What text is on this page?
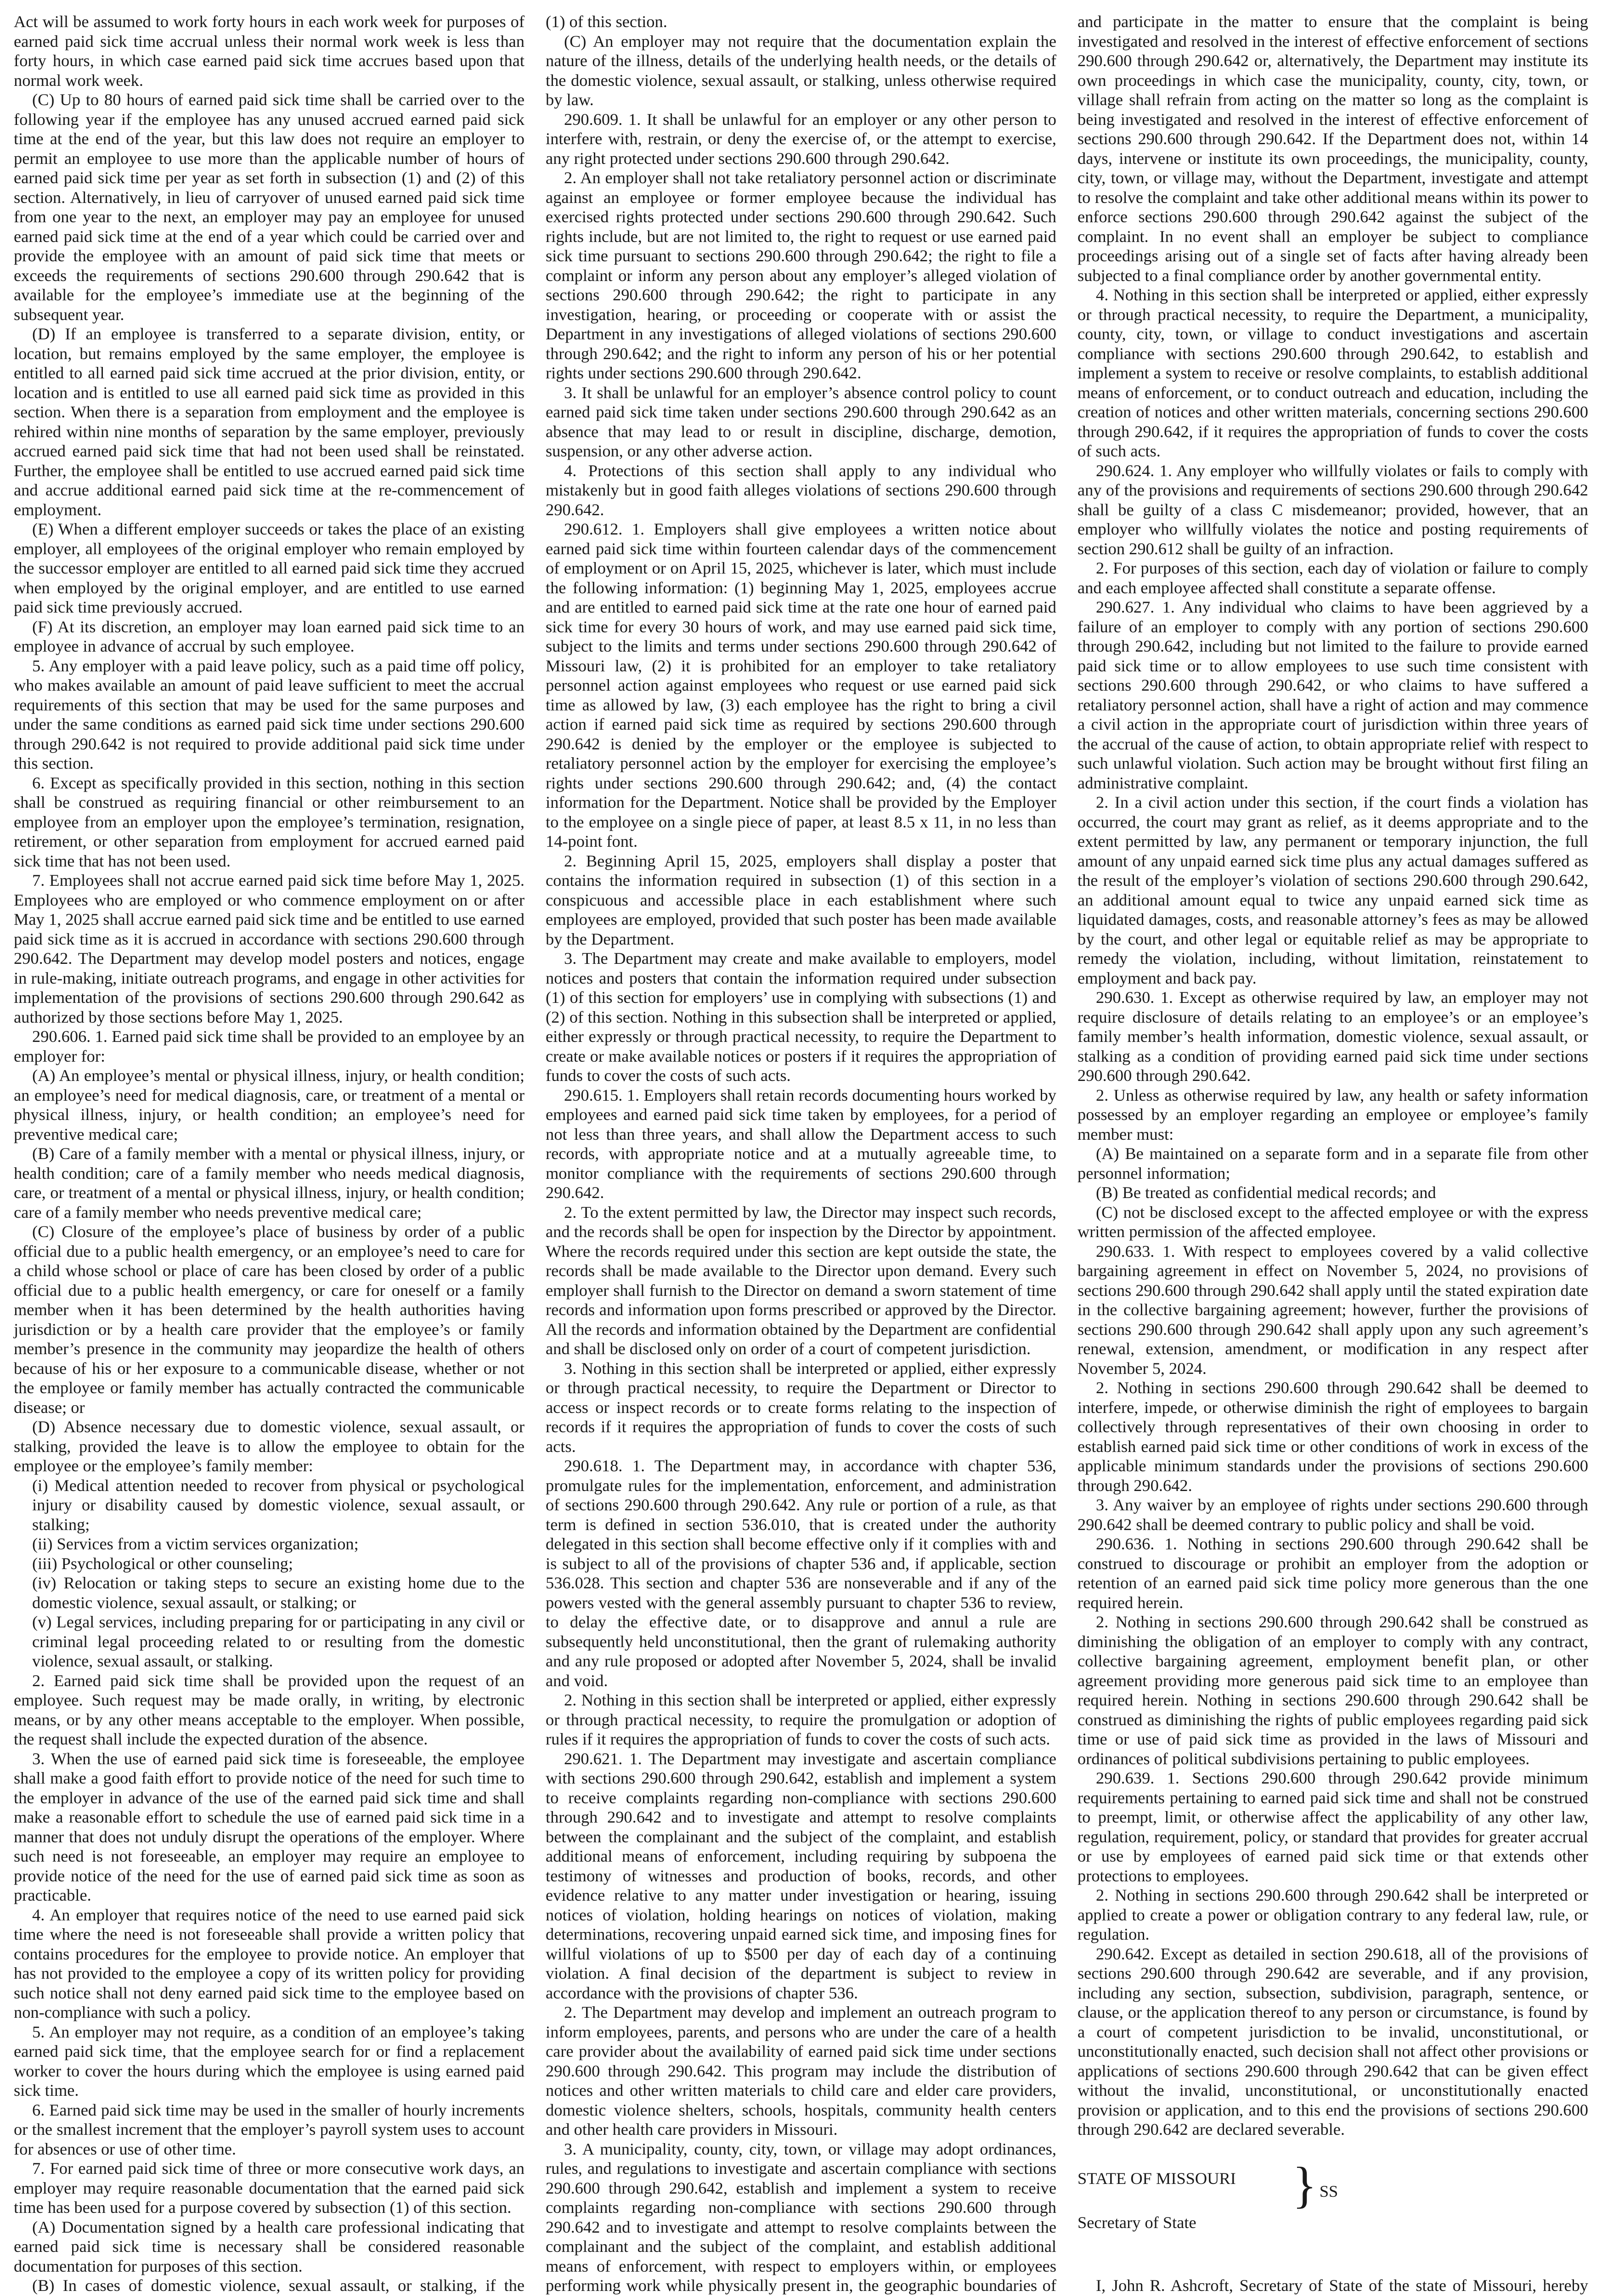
Act will be assumed to work forty hours in each work week for purposes of earned paid sick time accrual unless their normal work week is less than forty hours, in which case earned paid sick time accrues based upon that normal work week.

(C) Up to 80 hours of earned paid sick time shall be carried over to the following year if the employee has any unused accrued earned paid sick time at the end of the year, but this law does not require an employer to permit an employee to use more than the applicable number of hours of earned paid sick time per year as set forth in subsection (1) and (2) of this section. Alternatively, in lieu of carryover of unused earned paid sick time from one year to the next, an employer may pay an employee for unused earned paid sick time at the end of a year which could be carried over and provide the employee with an amount of paid sick time that meets or exceeds the requirements of sections 290.600 through 290.642 that is available for the employee’s immediate use at the beginning of the subsequent year.

(D) If an employee is transferred to a separate division, entity, or location, but remains employed by the same employer, the employee is entitled to all earned paid sick time accrued at the prior division, entity, or location and is entitled to use all earned paid sick time as provided in this section. When there is a separation from employment and the employee is rehired within nine months of separation by the same employer, previously accrued earned paid sick time that had not been used shall be reinstated. Further, the employee shall be entitled to use accrued earned paid sick time and accrue additional earned paid sick time at the re-commencement of employment.

(E) When a different employer succeeds or takes the place of an existing employer, all employees of the original employer who remain employed by the successor employer are entitled to all earned paid sick time they accrued when employed by the original employer, and are entitled to use earned paid sick time previously accrued.

(F) At its discretion, an employer may loan earned paid sick time to an employee in advance of accrual by such employee.

5. Any employer with a paid leave policy, such as a paid time off policy, who makes available an amount of paid leave sufficient to meet the accrual requirements of this section that may be used for the same purposes and under the same conditions as earned paid sick time under sections 290.600 through 290.642 is not required to provide additional paid sick time under this section.

6. Except as specifically provided in this section, nothing in this section shall be construed as requiring financial or other reimbursement to an employee from an employer upon the employee’s termination, resignation, retirement, or other separation from employment for accrued earned paid sick time that has not been used.

7. Employees shall not accrue earned paid sick time before May 1, 2025. Employees who are employed or who commence employment on or after May 1, 2025 shall accrue earned paid sick time and be entitled to use earned paid sick time as it is accrued in accordance with sections 290.600 through 290.642. The Department may develop model posters and notices, engage in rule-making, initiate outreach programs, and engage in other activities for implementation of the provisions of sections 290.600 through 290.642 as authorized by those sections before May 1, 2025.

290.606. 1. Earned paid sick time shall be provided to an employee by an employer for:

(A) An employee’s mental or physical illness, injury, or health condition; an employee’s need for medical diagnosis, care, or treatment of a mental or physical illness, injury, or health condition; an employee’s need for preventive medical care;

(B) Care of a family member with a mental or physical illness, injury, or health condition; care of a family member who needs medical diagnosis, care, or treatment of a mental or physical illness, injury, or health condition; care of a family member who needs preventive medical care;

(C) Closure of the employee’s place of business by order of a public official due to a public health emergency, or an employee’s need to care for a child whose school or place of care has been closed by order of a public official due to a public health emergency, or care for oneself or a family member when it has been determined by the health authorities having jurisdiction or by a health care provider that the employee’s or family member’s presence in the community may jeopardize the health of others because of his or her exposure to a communicable disease, whether or not the employee or family member has actually contracted the communicable disease; or

(D) Absence necessary due to domestic violence, sexual assault, or stalking, provided the leave is to allow the employee to obtain for the employee or the employee’s family member:

(i) Medical attention needed to recover from physical or psychological injury or disability caused by domestic violence, sexual assault, or stalking;

(ii) Services from a victim services organization;

(iii) Psychological or other counseling;

(iv) Relocation or taking steps to secure an existing home due to the domestic violence, sexual assault, or stalking; or

(v) Legal services, including preparing for or participating in any civil or criminal legal proceeding related to or resulting from the domestic violence, sexual assault, or stalking.

2. Earned paid sick time shall be provided upon the request of an employee. Such request may be made orally, in writing, by electronic means, or by any other means acceptable to the employer. When possible, the request shall include the expected duration of the absence.

3. When the use of earned paid sick time is foreseeable, the employee shall make a good faith effort to provide notice of the need for such time to the employer in advance of the use of the earned paid sick time and shall make a reasonable effort to schedule the use of earned paid sick time in a manner that does not unduly disrupt the operations of the employer. Where such need is not foreseeable, an employer may require an employee to provide notice of the need for the use of earned paid sick time as soon as practicable.

4. An employer that requires notice of the need to use earned paid sick time where the need is not foreseeable shall provide a written policy that contains procedures for the employee to provide notice. An employer that has not provided to the employee a copy of its written policy for providing such notice shall not deny earned paid sick time to the employee based on non-compliance with such a policy.

5. An employer may not require, as a condition of an employee’s taking earned paid sick time, that the employee search for or find a replacement worker to cover the hours during which the employee is using earned paid sick time.

6. Earned paid sick time may be used in the smaller of hourly increments or the smallest increment that the employer’s payroll system uses to account for absences or use of other time.

7. For earned paid sick time of three or more consecutive work days, an employer may require reasonable documentation that the earned paid sick time has been used for a purpose covered by subsection (1) of this section.

(A) Documentation signed by a health care professional indicating that earned paid sick time is necessary shall be considered reasonable documentation for purposes of this section.

(B) In cases of domestic violence, sexual assault, or stalking, if the

(1) of this section.

(C) An employer may not require that the documentation explain the nature of the illness, details of the underlying health needs, or the details of the domestic violence, sexual assault, or stalking, unless otherwise required by law.

290.609. 1. It shall be unlawful for an employer or any other person to interfere with, restrain, or deny the exercise of, or the attempt to exercise, any right protected under sections 290.600 through 290.642.

2. An employer shall not take retaliatory personnel action or discriminate against an employee or former employee because the individual has exercised rights protected under sections 290.600 through 290.642. Such rights include, but are not limited to, the right to request or use earned paid sick time pursuant to sections 290.600 through 290.642; the right to file a complaint or inform any person about any employer’s alleged violation of sections 290.600 through 290.642; the right to participate in any investigation, hearing, or proceeding or cooperate with or assist the Department in any investigations of alleged violations of sections 290.600 through 290.642; and the right to inform any person of his or her potential rights under sections 290.600 through 290.642.

3. It shall be unlawful for an employer’s absence control policy to count earned paid sick time taken under sections 290.600 through 290.642 as an absence that may lead to or result in discipline, discharge, demotion, suspension, or any other adverse action.

4. Protections of this section shall apply to any individual who mistakenly but in good faith alleges violations of sections 290.600 through 290.642.

290.612. 1. Employers shall give employees a written notice about earned paid sick time within fourteen calendar days of the commencement of employment or on April 15, 2025, whichever is later, which must include the following information: (1) beginning May 1, 2025, employees accrue and are entitled to earned paid sick time at the rate one hour of earned paid sick time for every 30 hours of work, and may use earned paid sick time, subject to the limits and terms under sections 290.600 through 290.642 of Missouri law, (2) it is prohibited for an employer to take retaliatory personnel action against employees who request or use earned paid sick time as allowed by law, (3) each employee has the right to bring a civil action if earned paid sick time as required by sections 290.600 through 290.642 is denied by the employer or the employee is subjected to retaliatory personnel action by the employer for exercising the employee’s rights under sections 290.600 through 290.642; and, (4) the contact information for the Department. Notice shall be provided by the Employer to the employee on a single piece of paper, at least 8.5 x 11, in no less than 14-point font.

2. Beginning April 15, 2025, employers shall display a poster that contains the information required in subsection (1) of this section in a conspicuous and accessible place in each establishment where such employees are employed, provided that such poster has been made available by the Department.

3. The Department may create and make available to employers, model notices and posters that contain the information required under subsection (1) of this section for employers’ use in complying with subsections (1) and (2) of this section. Nothing in this subsection shall be interpreted or applied, either expressly or through practical necessity, to require the Department to create or make available notices or posters if it requires the appropriation of funds to cover the costs of such acts.

290.615. 1. Employers shall retain records documenting hours worked by employees and earned paid sick time taken by employees, for a period of not less than three years, and shall allow the Department access to such records, with appropriate notice and at a mutually agreeable time, to monitor compliance with the requirements of sections 290.600 through 290.642.

2. To the extent permitted by law, the Director may inspect such records, and the records shall be open for inspection by the Director by appointment. Where the records required under this section are kept outside the state, the records shall be made available to the Director upon demand. Every such employer shall furnish to the Director on demand a sworn statement of time records and information upon forms prescribed or approved by the Director. All the records and information obtained by the Department are confidential and shall be disclosed only on order of a court of competent jurisdiction.

3. Nothing in this section shall be interpreted or applied, either expressly or through practical necessity, to require the Department or Director to access or inspect records or to create forms relating to the inspection of records if it requires the appropriation of funds to cover the costs of such acts.

290.618. 1. The Department may, in accordance with chapter 536, promulgate rules for the implementation, enforcement, and administration of sections 290.600 through 290.642. Any rule or portion of a rule, as that term is defined in section 536.010, that is created under the authority delegated in this section shall become effective only if it complies with and is subject to all of the provisions of chapter 536 and, if applicable, section 536.028. This section and chapter 536 are nonseverable and if any of the powers vested with the general assembly pursuant to chapter 536 to review, to delay the effective date, or to disapprove and annul a rule are subsequently held unconstitutional, then the grant of rulemaking authority and any rule proposed or adopted after November 5, 2024, shall be invalid and void.

2. Nothing in this section shall be interpreted or applied, either expressly or through practical necessity, to require the promulgation or adoption of rules if it requires the appropriation of funds to cover the costs of such acts.

290.621. 1. The Department may investigate and ascertain compliance with sections 290.600 through 290.642, establish and implement a system to receive complaints regarding non-compliance with sections 290.600 through 290.642 and to investigate and attempt to resolve complaints between the complainant and the subject of the complaint, and establish additional means of enforcement, including requiring by subpoena the testimony of witnesses and production of books, records, and other evidence relative to any matter under investigation or hearing, issuing notices of violation, holding hearings on notices of violation, making determinations, recovering unpaid earned sick time, and imposing fines for willful violations of up to $500 per day of each day of a continuing violation. A final decision of the department is subject to review in accordance with the provisions of chapter 536.

2. The Department may develop and implement an outreach program to inform employees, parents, and persons who are under the care of a health care provider about the availability of earned paid sick time under sections 290.600 through 290.642. This program may include the distribution of notices and other written materials to child care and elder care providers, domestic violence shelters, schools, hospitals, community health centers and other health care providers in Missouri.

3. A municipality, county, city, town, or village may adopt ordinances, rules, and regulations to investigate and ascertain compliance with sections 290.600 through 290.642, establish and implement a system to receive complaints regarding non-compliance with sections 290.600 through 290.642 and to investigate and attempt to resolve complaints between the complainant and the subject of the complaint, and establish additional means of enforcement, with respect to employers within, or employees performing work while physically present in, the geographic boundaries of

and participate in the matter to ensure that the complaint is being investigated and resolved in the interest of effective enforcement of sections 290.600 through 290.642 or, alternatively, the Department may institute its own proceedings in which case the municipality, county, city, town, or village shall refrain from acting on the matter so long as the complaint is being investigated and resolved in the interest of effective enforcement of sections 290.600 through 290.642. If the Department does not, within 14 days, intervene or institute its own proceedings, the municipality, county, city, town, or village may, without the Department, investigate and attempt to resolve the complaint and take other additional means within its power to enforce sections 290.600 through 290.642 against the subject of the complaint. In no event shall an employer be subject to compliance proceedings arising out of a single set of facts after having already been subjected to a final compliance order by another governmental entity.

4. Nothing in this section shall be interpreted or applied, either expressly or through practical necessity, to require the Department, a municipality, county, city, town, or village to conduct investigations and ascertain compliance with sections 290.600 through 290.642, to establish and implement a system to receive or resolve complaints, to establish additional means of enforcement, or to conduct outreach and education, including the creation of notices and other written materials, concerning sections 290.600 through 290.642, if it requires the appropriation of funds to cover the costs of such acts.

290.624. 1. Any employer who willfully violates or fails to comply with any of the provisions and requirements of sections 290.600 through 290.642 shall be guilty of a class C misdemeanor; provided, however, that an employer who willfully violates the notice and posting requirements of section 290.612 shall be guilty of an infraction.

2. For purposes of this section, each day of violation or failure to comply and each employee affected shall constitute a separate offense.

290.627. 1. Any individual who claims to have been aggrieved by a failure of an employer to comply with any portion of sections 290.600 through 290.642, including but not limited to the failure to provide earned paid sick time or to allow employees to use such time consistent with sections 290.600 through 290.642, or who claims to have suffered a retaliatory personnel action, shall have a right of action and may commence a civil action in the appropriate court of jurisdiction within three years of the accrual of the cause of action, to obtain appropriate relief with respect to such unlawful violation. Such action may be brought without first filing an administrative complaint.

2. In a civil action under this section, if the court finds a violation has occurred, the court may grant as relief, as it deems appropriate and to the extent permitted by law, any permanent or temporary injunction, the full amount of any unpaid earned sick time plus any actual damages suffered as the result of the employer’s violation of sections 290.600 through 290.642, an additional amount equal to twice any unpaid earned sick time as liquidated damages, costs, and reasonable attorney’s fees as may be allowed by the court, and other legal or equitable relief as may be appropriate to remedy the violation, including, without limitation, reinstatement to employment and back pay.

290.630. 1. Except as otherwise required by law, an employer may not require disclosure of details relating to an employee’s or an employee’s family member’s health information, domestic violence, sexual assault, or stalking as a condition of providing earned paid sick time under sections 290.600 through 290.642.

2. Unless as otherwise required by law, any health or safety information possessed by an employer regarding an employee or employee’s family member must:

(A) Be maintained on a separate form and in a separate file from other personnel information;

(B) Be treated as confidential medical records; and

(C) not be disclosed except to the affected employee or with the express written permission of the affected employee.

290.633. 1. With respect to employees covered by a valid collective bargaining agreement in effect on November 5, 2024, no provisions of sections 290.600 through 290.642 shall apply until the stated expiration date in the collective bargaining agreement; however, further the provisions of sections 290.600 through 290.642 shall apply upon any such agreement’s renewal, extension, amendment, or modification in any respect after November 5, 2024.

2. Nothing in sections 290.600 through 290.642 shall be deemed to interfere, impede, or otherwise diminish the right of employees to bargain collectively through representatives of their own choosing in order to establish earned paid sick time or other conditions of work in excess of the applicable minimum standards under the provisions of sections 290.600 through 290.642.

3. Any waiver by an employee of rights under sections 290.600 through 290.642 shall be deemed contrary to public policy and shall be void.

290.636. 1. Nothing in sections 290.600 through 290.642 shall be construed to discourage or prohibit an employer from the adoption or retention of an earned paid sick time policy more generous than the one required herein.

2. Nothing in sections 290.600 through 290.642 shall be construed as diminishing the obligation of an employer to comply with any contract, collective bargaining agreement, employment benefit plan, or other agreement providing more generous paid sick time to an employee than required herein. Nothing in sections 290.600 through 290.642 shall be construed as diminishing the rights of public employees regarding paid sick time or use of paid sick time as provided in the laws of Missouri and ordinances of political subdivisions pertaining to public employees.

290.639. 1. Sections 290.600 through 290.642 provide minimum requirements pertaining to earned paid sick time and shall not be construed to preempt, limit, or otherwise affect the applicability of any other law, regulation, requirement, policy, or standard that provides for greater accrual or use by employees of earned paid sick time or that extends other protections to employees.

2. Nothing in sections 290.600 through 290.642 shall be interpreted or applied to create a power or obligation contrary to any federal law, rule, or regulation.

290.642. Except as detailed in section 290.618, all of the provisions of sections 290.600 through 290.642 are severable, and if any provision, including any section, subsection, subdivision, paragraph, sentence, or clause, or the application thereof to any person or circumstance, is found by a court of competent jurisdiction to be invalid, unconstitutional, or unconstitutionally enacted, such decision shall not affect other provisions or applications of sections 290.600 through 290.642 that can be given effect without the invalid, unconstitutional, or unconstitutionally enacted provision or application, and to this end the provisions of sections 290.600 through 290.642 are declared severable.

STATE OF MISSOURI
Secretary of State
} SS

I, John R. Ashcroft, Secretary of State of the state of Missouri, hereby
